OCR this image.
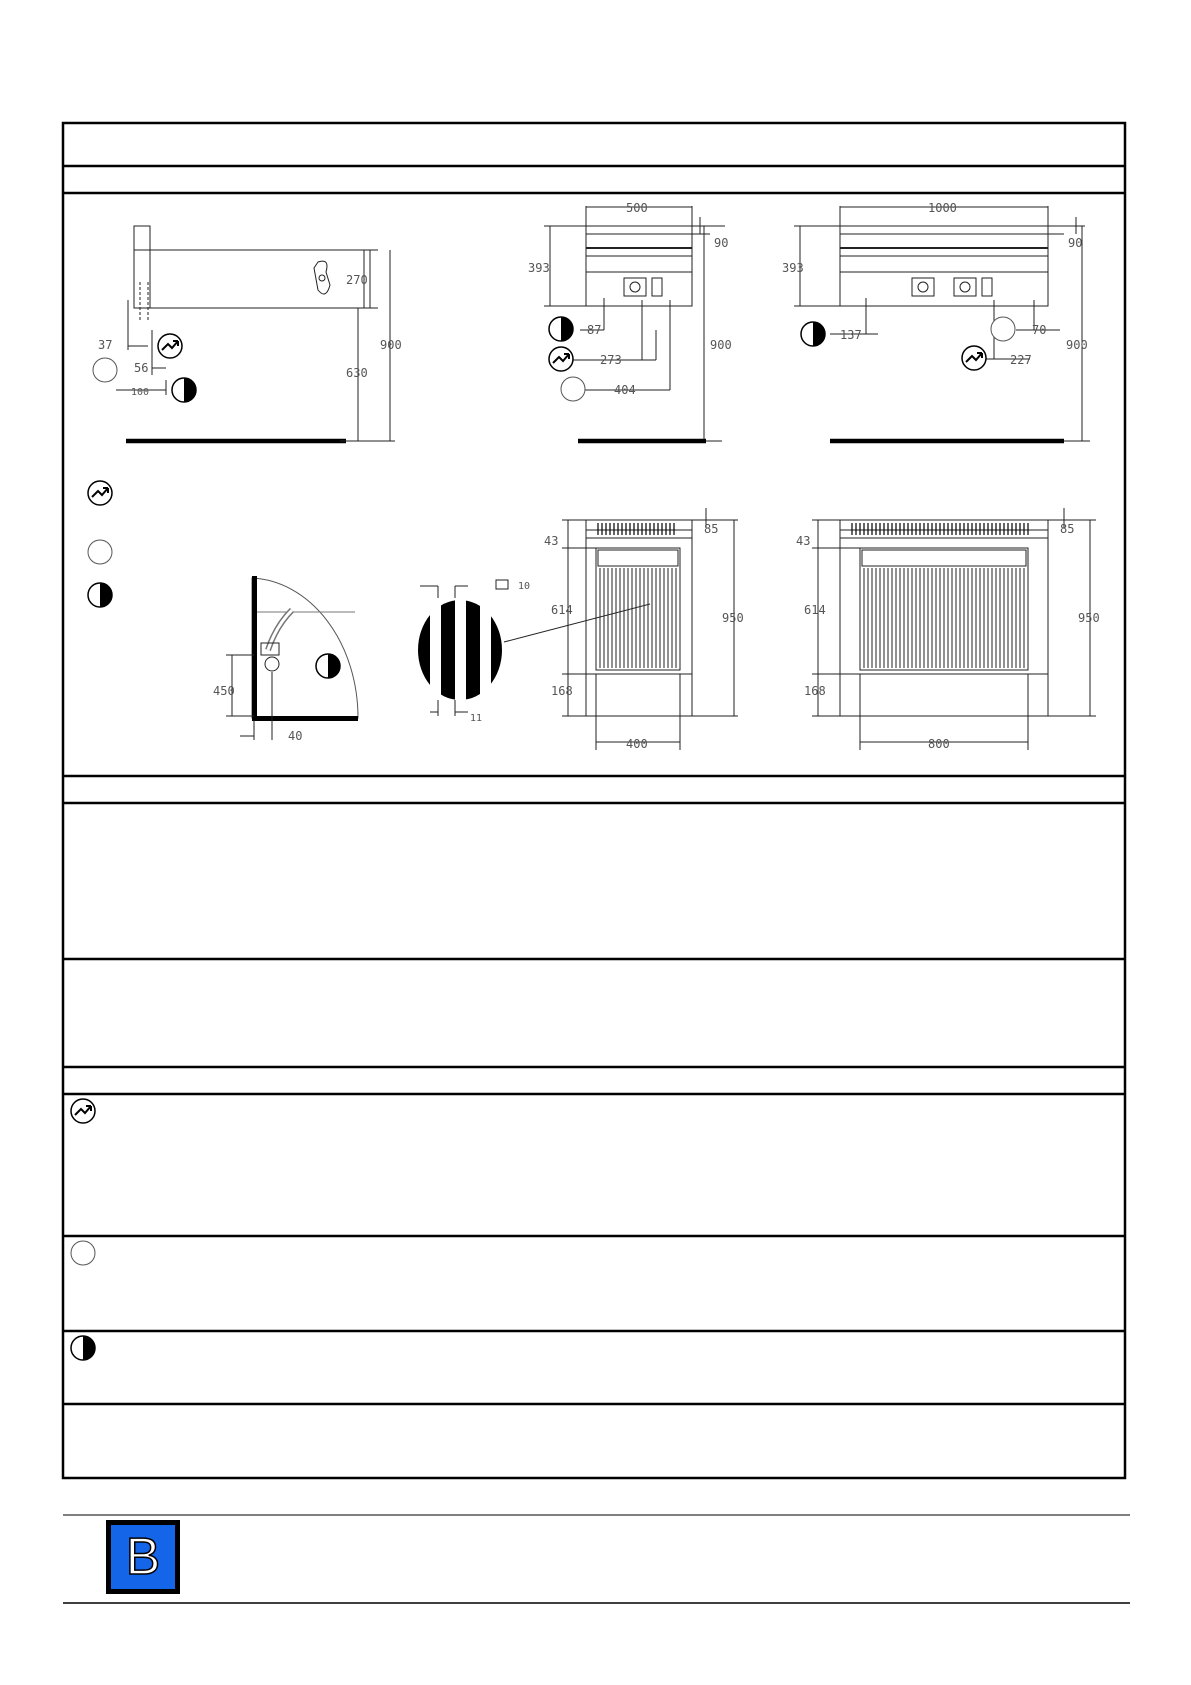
270
900
630
37
56
100
500
90
393
87
273
404
900
1000
90
393
137	70
227
900
450
40
10
11
85
43
614
950
168
400
85
43
614
950
168
800
B
